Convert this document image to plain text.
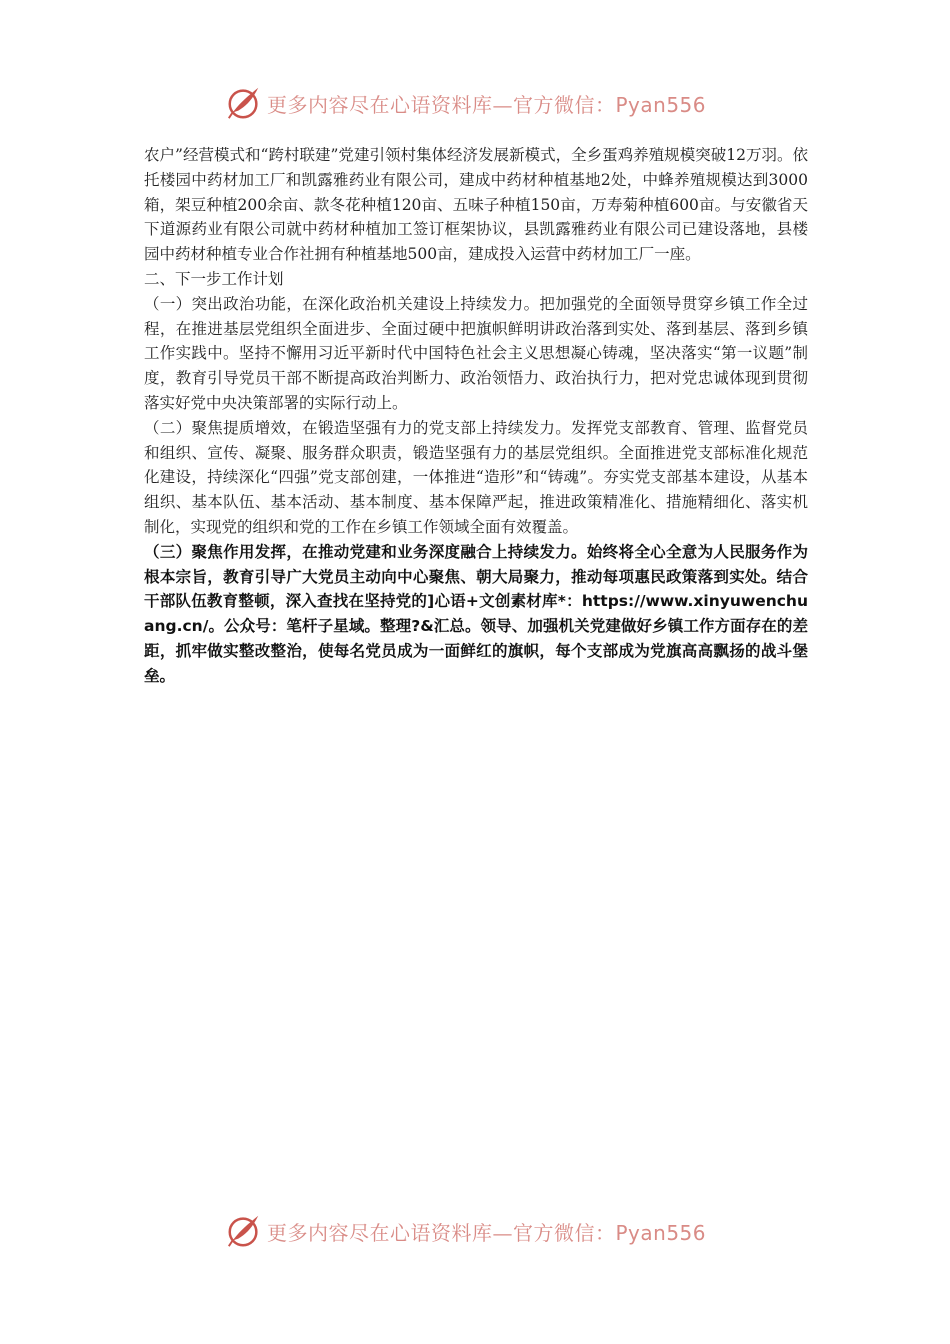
更多内容尽在心语资料库—官方微信：Pyan556

农户”经营模式和“跨村联建”党建引领村集体经济发展新模式，全乡蛋鸡养殖规模突破12万羽。依托楼园中药材加工厂和凯露雅药业有限公司，建成中药材种植基地2处，中蜂养殖规模达到3000箱，架豆种植200余亩、款冬花种植120亩、五味子种植150亩，万寿菊种植600亩。与安徽省天下道源药业有限公司就中药材种植加工签订框架协议，县凯露雅药业有限公司已建设落地，县楼园中药材种植专业合作社拥有种植基地500亩，建成投入运营中药材加工厂一座。

二、下一步工作计划

（一）突出政治功能，在深化政治机关建设上持续发力。把加强党的全面领导贯穿乡镇工作全过程，在推进基层党组织全面进步、全面过硬中把旗帜鲜明讲政治落到实处、落到基层、落到乡镇工作实践中。坚持不懈用习近平新时代中国特色社会主义思想凝心铸魂，坚决落实“第一议题”制度，教育引导党员干部不断提高政治判断力、政治领悟力、政治执行力，把对党忠诚体现到贯彻落实好党中央决策部署的实际行动上。

（二）聚焦提质增效，在锻造坚强有力的党支部上持续发力。发挥党支部教育、管理、监督党员和组织、宣传、凝聚、服务群众职责，锻造坚强有力的基层党组织。全面推进党支部标准化规范化建设，持续深化“四强”党支部创建，一体推进“造形”和“铸魂”。夯实党支部基本建设，从基本组织、基本队伍、基本活动、基本制度、基本保障严起，推进政策精准化、措施精细化、落实机制化，实现党的组织和党的工作在乡镇工作领域全面有效覆盖。

（三）聚焦作用发挥，在推动党建和业务深度融合上持续发力。始终将全心全意为人民服务作为根本宗旨，教育引导广大党员主动向中心聚焦、朝大局聚力，推动每项惠民政策落到实处。结合干部队伍教育整顿，深入查找在坚持党的]心语+文创素材库*：https://www.xinyuwenchuang.cn/。公众号：笔杆子星域。整理?&汇总。领导、加强机关党建做好乡镇工作方面存在的差距，抓牢做实整改整治，使每名党员成为一面鲜红的旗帜，每个支部成为党旗高高飘扬的战斗堡垒。

更多内容尽在心语资料库—官方微信：Pyan556
